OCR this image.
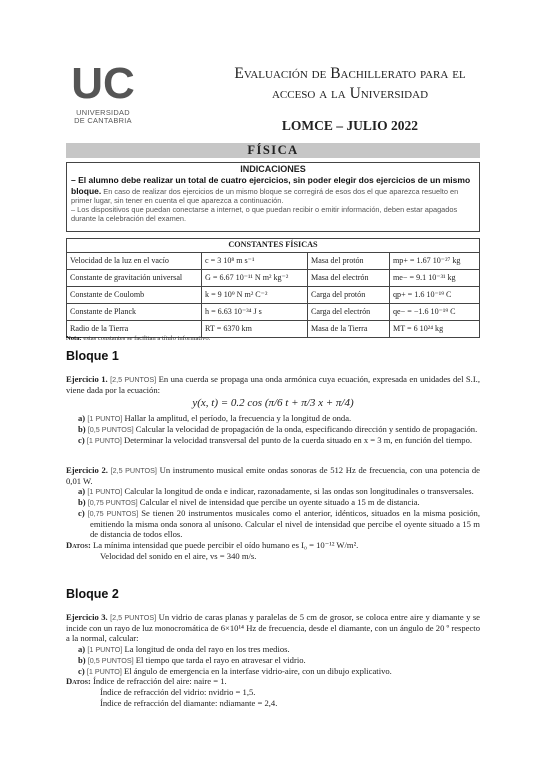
UC
UNIVERSIDAD
DE CANTABRIA
Evaluación de Bachillerato para el
acceso a la Universidad
LOMCE – JULIO 2022
FÍSICA
INDICACIONES
– El alumno debe realizar un total de cuatro ejercicios, sin poder elegir dos ejercicios de un mismo bloque. En caso de realizar dos ejercicios de un mismo bloque se corregirá de esos dos el que aparezca resuelto en primer lugar, sin tener en cuenta el que aparezca a continuación.
– Los dispositivos que puedan conectarse a internet, o que puedan recibir o emitir información, deben estar apagados durante la celebración del examen.
CONSTANTES FÍSICAS			
Velocidad de la luz en el vacío	c = 3 10⁸ m s⁻¹	Masa del protón	mp+ = 1.67 10⁻²⁷ kg
Constante de gravitación universal	G = 6.67 10⁻¹¹ N m² kg⁻²	Masa del electrón	me− = 9.1 10⁻³¹ kg
Constante de Coulomb	k = 9 10⁹ N m² C⁻²	Carga del protón	qp+ = 1.6 10⁻¹⁹ C
Constante de Planck	h = 6.63 10⁻³⁴ J s	Carga del electrón	qe− = −1.6 10⁻¹⁹ C
Radio de la Tierra	RT = 6370 km	Masa de la Tierra	MT = 6 10²⁴ kg
Nota: estas constantes se facilitan a título informativo.
Bloque 1

Ejercicio 1. [2,5 PUNTOS] En una cuerda se propaga una onda armónica cuya ecuación, expresada en unidades del S.I., viene dada por la ecuación:

y(x, t) = 0.2 cos (π/6 t + π/3 x + π/4)

a) [1 PUNTO] Hallar la amplitud, el período, la frecuencia y la longitud de onda.

b) [0,5 PUNTOS] Calcular la velocidad de propagación de la onda, especificando dirección y sentido de propagación.

c) [1 PUNTO] Determinar la velocidad transversal del punto de la cuerda situado en x = 3 m, en función del tiempo.

Ejercicio 2. [2,5 PUNTOS] Un instrumento musical emite ondas sonoras de 512 Hz de frecuencia, con una potencia de 0,01 W.

a) [1 PUNTO] Calcular la longitud de onda e indicar, razonadamente, si las ondas son longitudinales o transversales.

b) [0,75 PUNTOS] Calcular el nivel de intensidad que percibe un oyente situado a 15 m de distancia.

c) [0,75 PUNTOS] Se tienen 20 instrumentos musicales como el anterior, idénticos, situados en la misma posición, emitiendo la misma onda sonora al unísono. Calcular el nivel de intensidad que percibe el oyente situado a 15 m de distancia de todos ellos.

Datos: La mínima intensidad que puede percibir el oído humano es I₀ = 10⁻¹² W/m².

Velocidad del sonido en el aire, vs = 340 m/s.

Bloque 2

Ejercicio 3. [2,5 PUNTOS] Un vidrio de caras planas y paralelas de 5 cm de grosor, se coloca entre aire y diamante y se incide con un rayo de luz monocromática de 6×10¹⁴ Hz de frecuencia, desde el diamante, con un ángulo de 20 º respecto a la normal, calcular:

a) [1 PUNTO] La longitud de onda del rayo en los tres medios.

b) [0,5 PUNTOS] El tiempo que tarda el rayo en atravesar el vidrio.

c) [1 PUNTO] El ángulo de emergencia en la interfase vidrio-aire, con un dibujo explicativo.

Datos: Índice de refracción del aire: naire = 1.

Índice de refracción del vidrio: nvidrio = 1,5.

Índice de refracción del diamante: ndiamante = 2,4.
